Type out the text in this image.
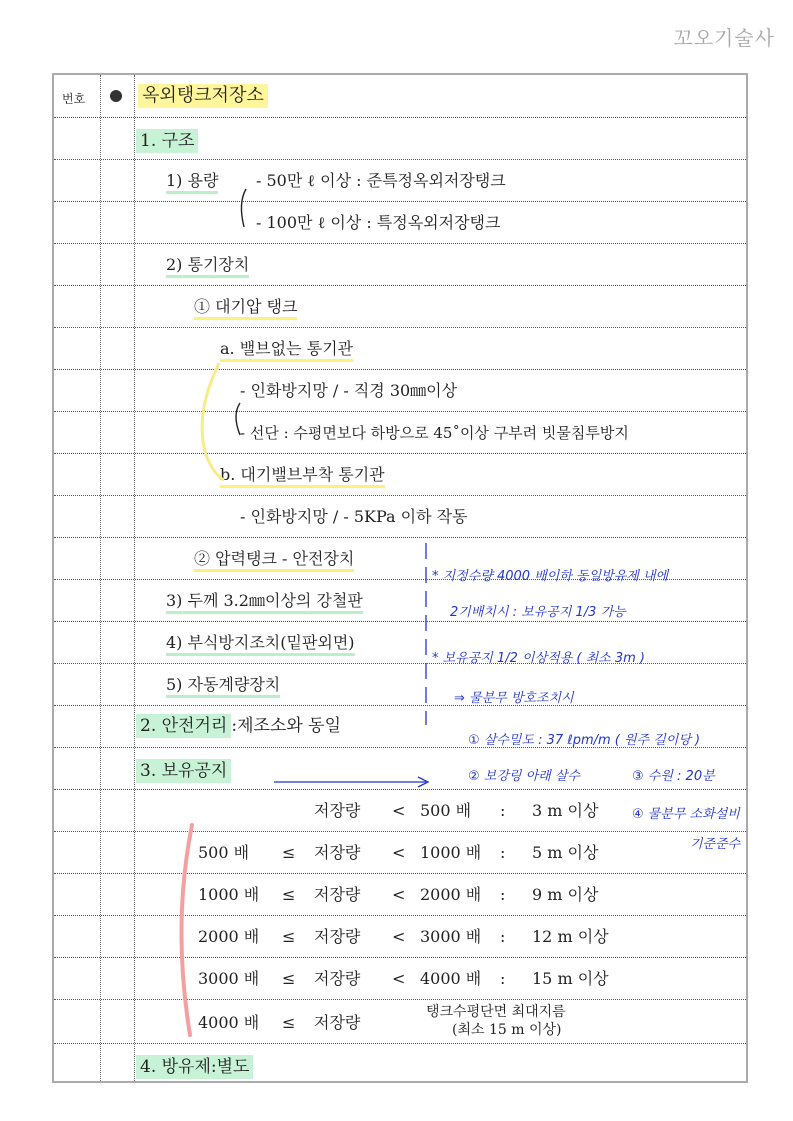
꼬오기술사
번호	옥외탱크저장소
1. 구조
1) 용량 - 50만 ℓ 이상 : 준특정옥외저장탱크
- 100만 ℓ 이상 : 특정옥외저장탱크
2) 통기장치
① 대기압 탱크
a. 밸브없는 통기관
- 인화방지망 / - 직경 30㎜이상
- 선단 : 수평면보다 하방으로 45˚이상 구부려 빗물침투방지
b. 대기밸브부착 통기관
- 인화방지망 / - 5KPa 이하 작동
② 압력탱크 - 안전장치
3) 두께 3.2㎜이상의 강철판
4) 부식방지조치(밑판외면)
5) 자동계량장치
2. 안전거리 :제조소와 동일
3. 보유공지
저장량 < 500 배 : 3 m 이상
500 배 ≤ 저장량 < 1000 배 : 5 m 이상
1000 배 ≤ 저장량 < 2000 배 : 9 m 이상
2000 배 ≤ 저장량 < 3000 배 : 12 m 이상
3000 배 ≤ 저장량 < 4000 배 : 15 m 이상
4000 배 ≤ 저장량
탱크수평단면 최대지름
(최소 15 m 이상)
4. 방유제:별도
* 지정수량 4000 배이하 동일방유제 내에
2기배치시 : 보유공지 1/3 가능
* 보유공지 1/2 이상적용 ( 최소 3m )
⇒ 물분무 방호조치시
① 살수밀도 : 37 ℓpm/m ( 원주 길이당 )
② 보강링 아래 살수	③ 수원 : 20분
④ 물분무 소화설비
기준준수
